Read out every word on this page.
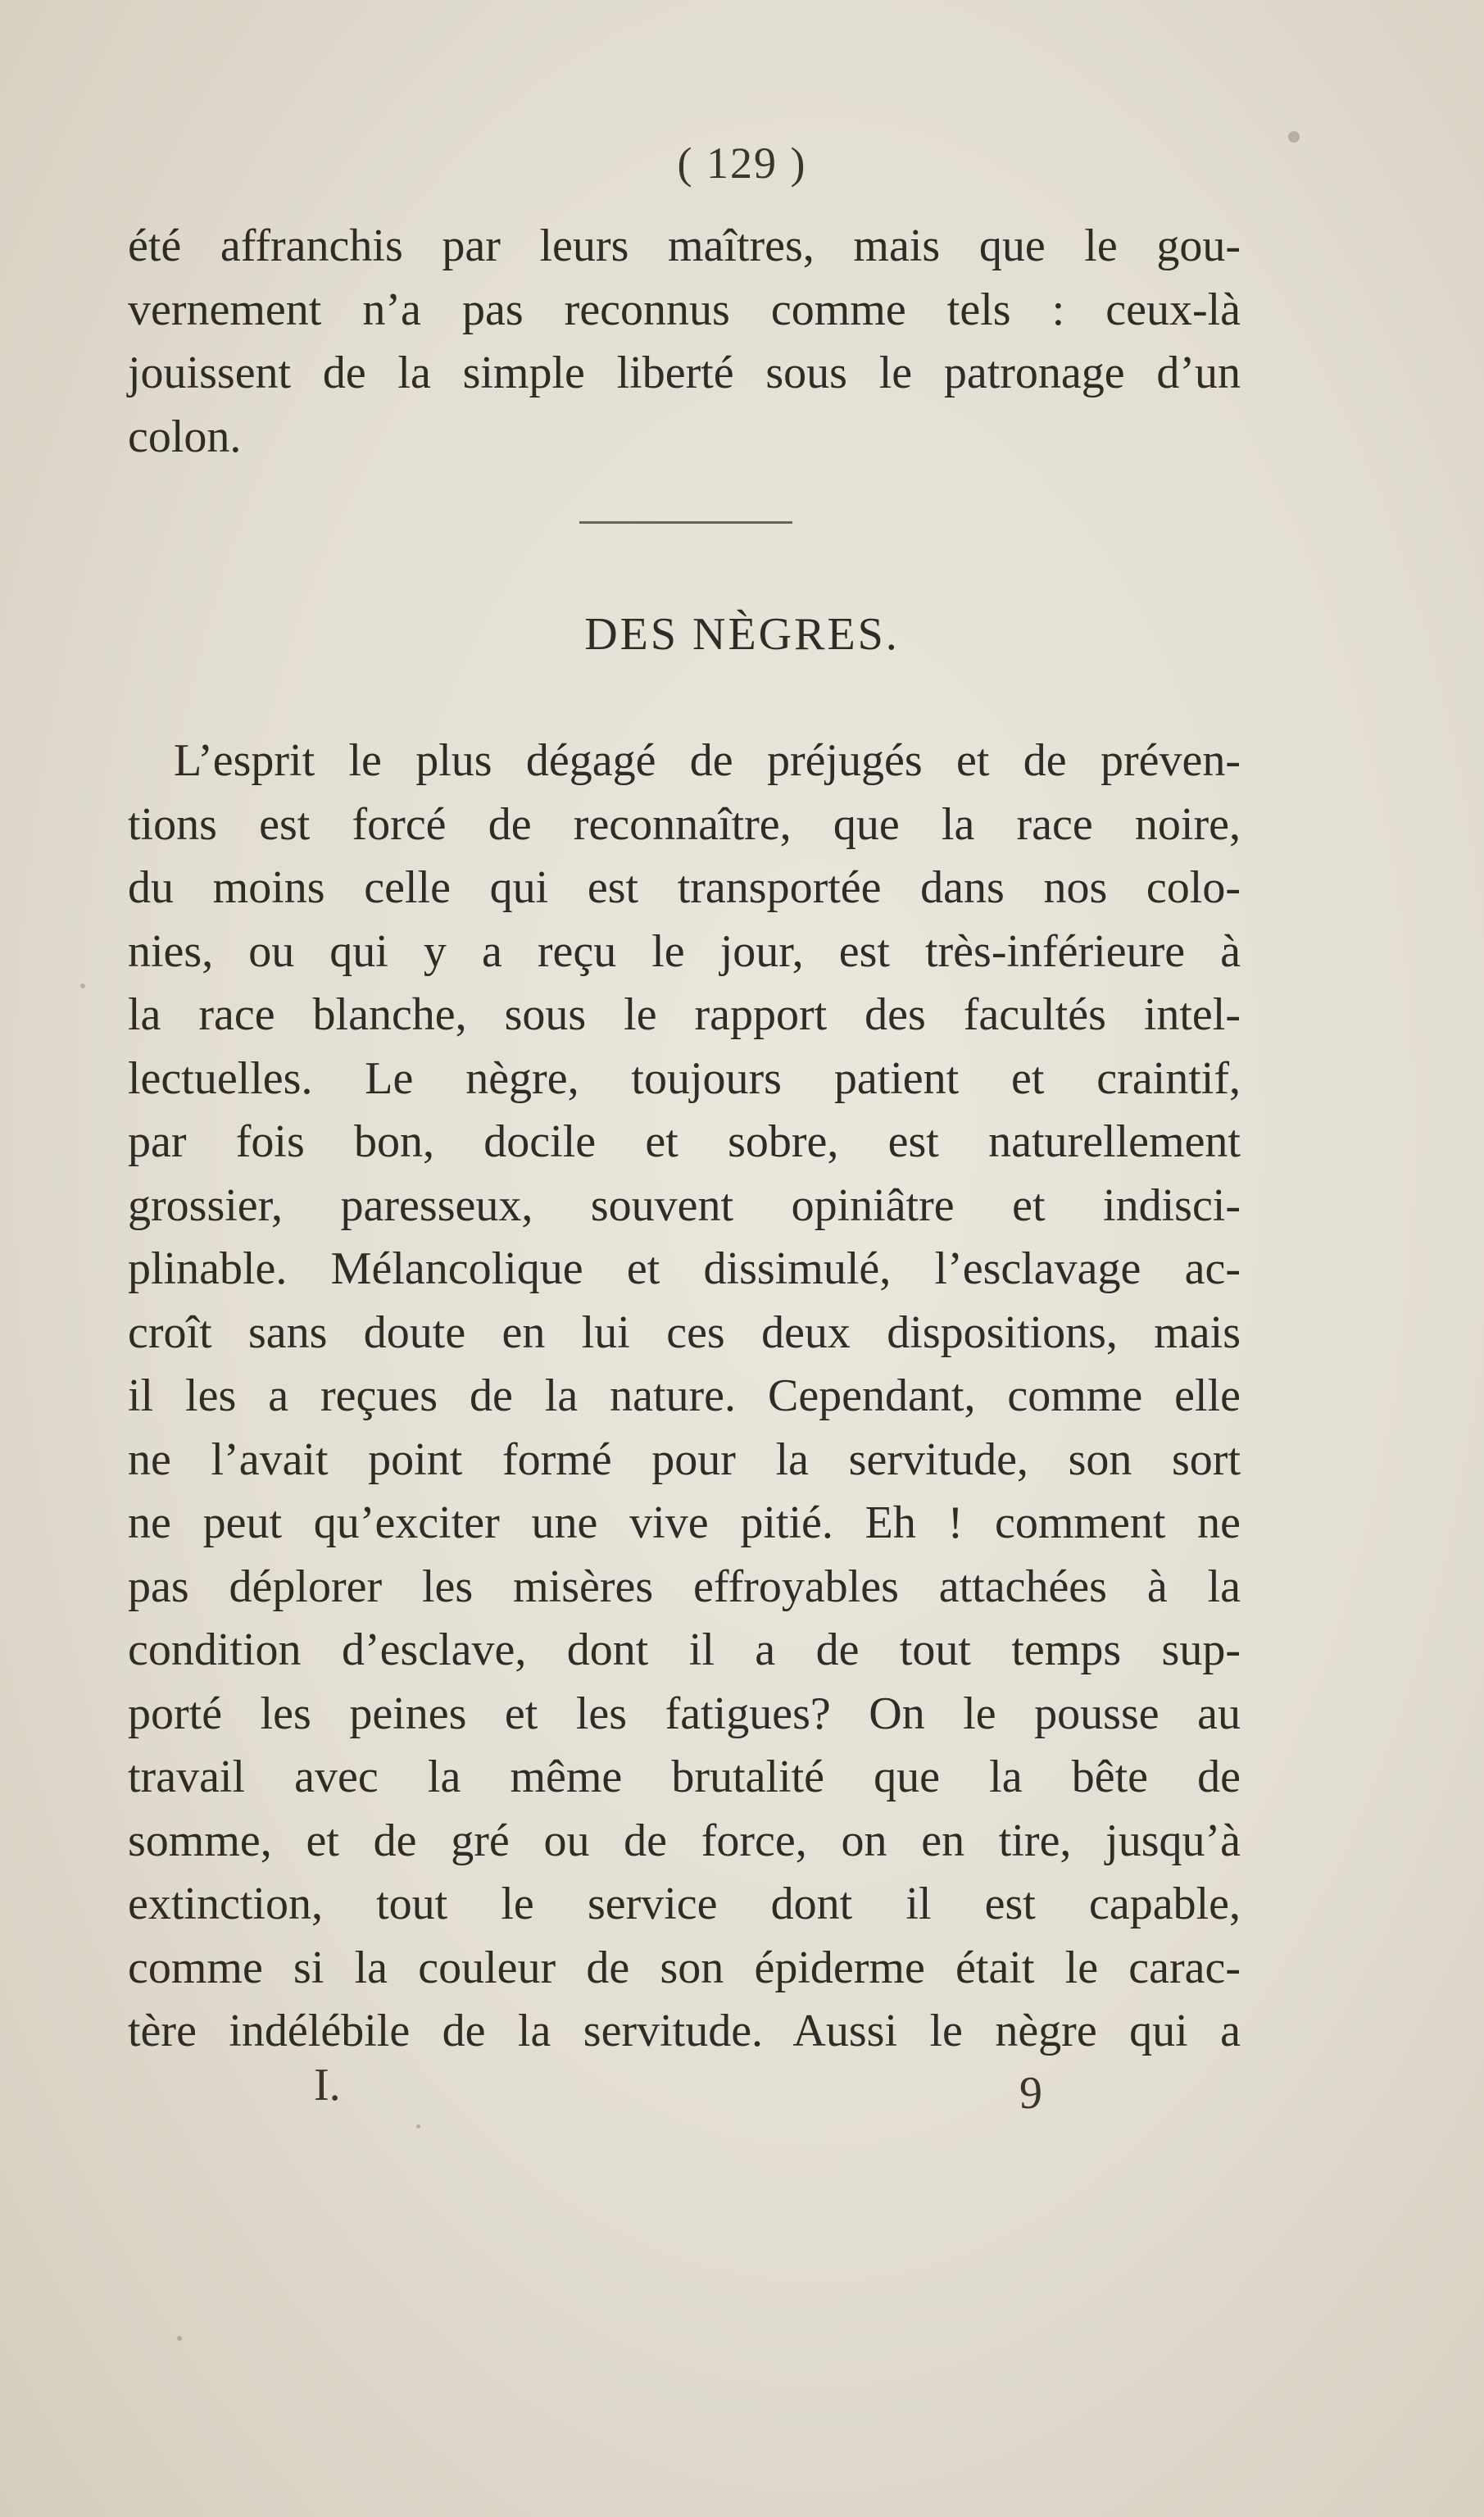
( 129 )

été affranchis par leurs maîtres, mais que le gou-
vernement n’a pas reconnus comme tels : ceux-là
jouissent de la simple liberté sous le patronage d’un
colon.

DES NÈGRES.

L’esprit le plus dégagé de préjugés et de préven-
tions est forcé de reconnaître, que la race noire,
du moins celle qui est transportée dans nos colo-
nies, ou qui y a reçu le jour, est très-inférieure à
la race blanche, sous le rapport des facultés intel-
lectuelles. Le nègre, toujours patient et craintif,
par fois bon, docile et sobre, est naturellement
grossier, paresseux, souvent opiniâtre et indisci-
plinable. Mélancolique et dissimulé, l’esclavage ac-
croît sans doute en lui ces deux dispositions, mais
il les a reçues de la nature. Cependant, comme elle
ne l’avait point formé pour la servitude, son sort
ne peut qu’exciter une vive pitié. Eh ! comment ne
pas déplorer les misères effroyables attachées à la
condition d’esclave, dont il a de tout temps sup-
porté les peines et les fatigues? On le pousse au
travail avec la même brutalité que la bête de
somme, et de gré ou de force, on en tire, jusqu’à
extinction, tout le service dont il est capable,
comme si la couleur de son épiderme était le carac-
tère indélébile de la servitude. Aussi le nègre qui a

I.	9
